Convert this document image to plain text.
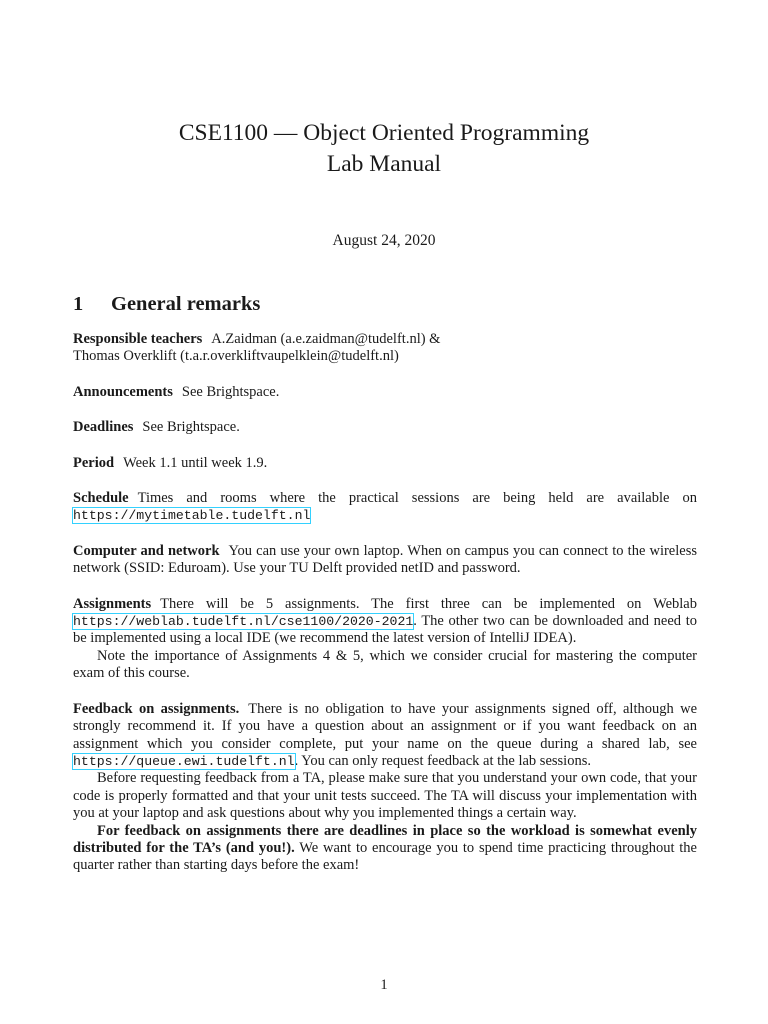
CSE1100 — Object Oriented Programming
Lab Manual
August 24, 2020
1 General remarks

Responsible teachers A.Zaidman (a.e.zaidman@tudelft.nl) &
Thomas Overklift (t.a.r.overkliftvaupelklein@tudelft.nl)

Announcements See Brightspace.

Deadlines See Brightspace.

Period Week 1.1 until week 1.9.

Schedule Times and rooms where the practical sessions are being held are available on https://mytimetable.tudelft.nl

Computer and network You can use your own laptop. When on campus you can connect to the wireless network (SSID: Eduroam). Use your TU Delft provided netID and password.

Assignments There will be 5 assignments. The first three can be implemented on Weblab https://weblab.tudelft.nl/cse1100/2020-2021. The other two can be downloaded and need to be implemented using a local IDE (we recommend the latest version of IntelliJ IDEA).

Note the importance of Assignments 4 & 5, which we consider crucial for mastering the computer exam of this course.

Feedback on assignments. There is no obligation to have your assignments signed off, although we strongly recommend it. If you have a question about an assignment or if you want feedback on an assignment which you consider complete, put your name on the queue during a shared lab, see https://queue.ewi.tudelft.nl. You can only request feedback at the lab sessions.

Before requesting feedback from a TA, please make sure that you understand your own code, that your code is properly formatted and that your unit tests succeed. The TA will discuss your implementation with you at your laptop and ask questions about why you implemented things a certain way.

For feedback on assignments there are deadlines in place so the workload is somewhat evenly distributed for the TA’s (and you!). We want to encourage you to spend time practicing throughout the quarter rather than starting days before the exam!

1
